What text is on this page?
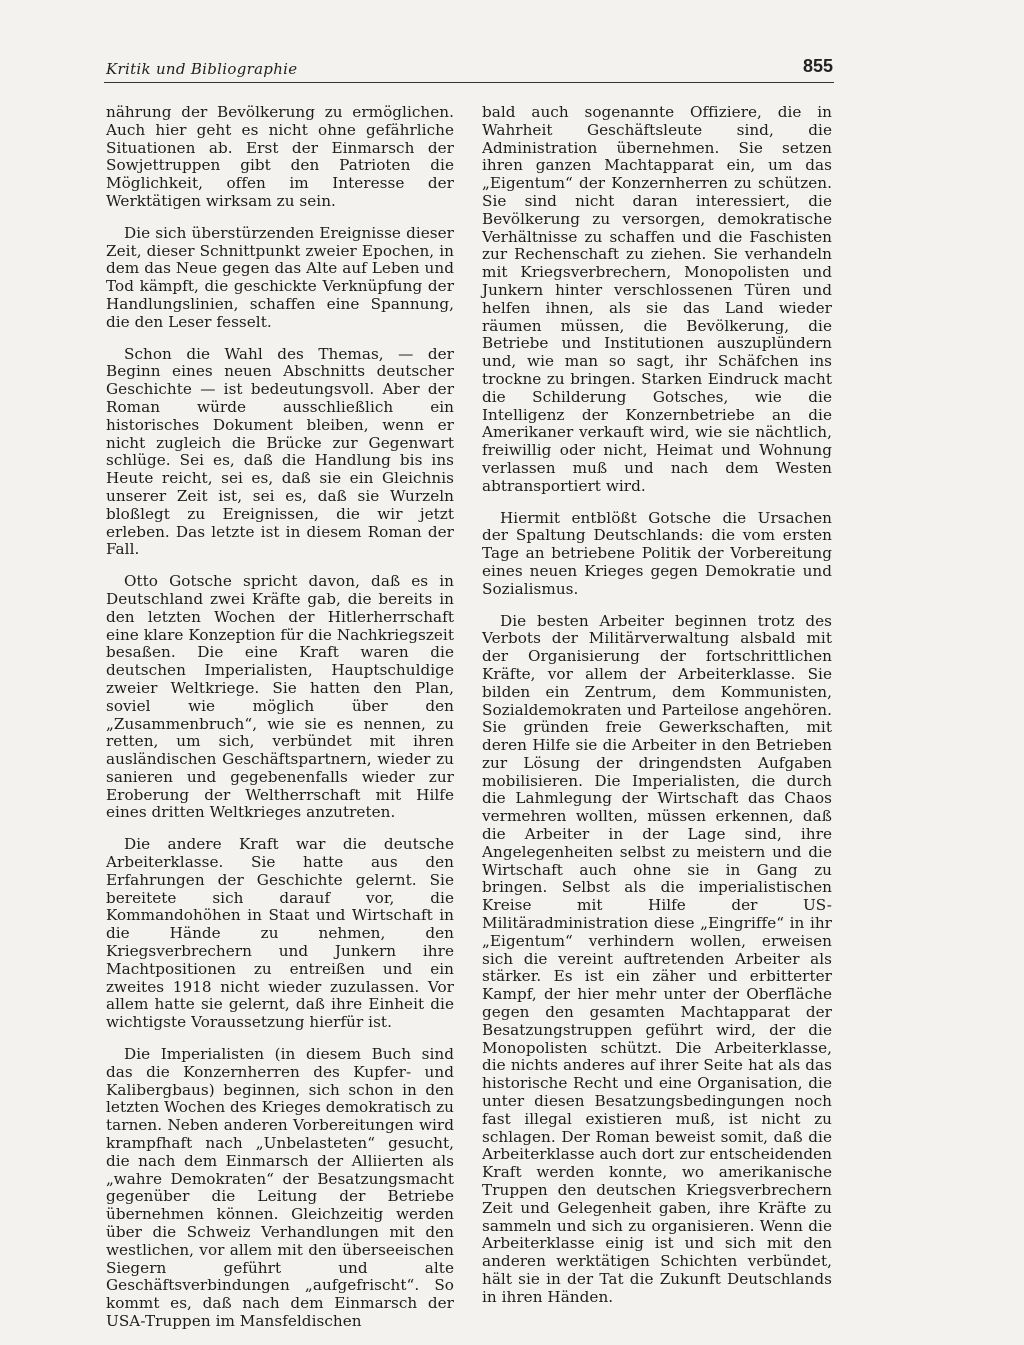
Kritik und Bibliographie	855

nährung der Bevölkerung zu ermöglichen. Auch hier geht es nicht ohne gefährliche Situationen ab. Erst der Einmarsch der Sowjettruppen gibt den Patrioten die Möglichkeit, offen im Interesse der Werktätigen wirksam zu sein.

Die sich überstürzenden Ereignisse dieser Zeit, dieser Schnittpunkt zweier Epochen, in dem das Neue gegen das Alte auf Leben und Tod kämpft, die geschickte Verknüpfung der Handlungslinien, schaffen eine Spannung, die den Leser fesselt.

Schon die Wahl des Themas, — der Beginn eines neuen Abschnitts deutscher Geschichte — ist bedeutungsvoll. Aber der Roman würde ausschließlich ein historisches Dokument bleiben, wenn er nicht zugleich die Brücke zur Gegenwart schlüge. Sei es, daß die Handlung bis ins Heute reicht, sei es, daß sie ein Gleichnis unserer Zeit ist, sei es, daß sie Wurzeln bloßlegt zu Ereignissen, die wir jetzt erleben. Das letzte ist in diesem Roman der Fall.

Otto Gotsche spricht davon, daß es in Deutschland zwei Kräfte gab, die bereits in den letzten Wochen der Hitlerherrschaft eine klare Konzeption für die Nachkriegszeit besaßen. Die eine Kraft waren die deutschen Imperialisten, Hauptschuldige zweier Weltkriege. Sie hatten den Plan, soviel wie möglich über den „Zusammenbruch“, wie sie es nennen, zu retten, um sich, verbündet mit ihren ausländischen Geschäftspartnern, wieder zu sanieren und gegebenenfalls wieder zur Eroberung der Weltherrschaft mit Hilfe eines dritten Weltkrieges anzutreten.

Die andere Kraft war die deutsche Arbeiterklasse. Sie hatte aus den Erfahrungen der Geschichte gelernt. Sie bereitete sich darauf vor, die Kommandohöhen in Staat und Wirtschaft in die Hände zu nehmen, den Kriegsverbrechern und Junkern ihre Machtpositionen zu entreißen und ein zweites 1918 nicht wieder zuzulassen. Vor allem hatte sie gelernt, daß ihre Einheit die wichtigste Voraussetzung hierfür ist.

Die Imperialisten (in diesem Buch sind das die Konzernherren des Kupfer- und Kalibergbaus) beginnen, sich schon in den letzten Wochen des Krieges demokratisch zu tarnen. Neben anderen Vorbereitungen wird krampfhaft nach „Unbelasteten“ gesucht, die nach dem Einmarsch der Alliierten als „wahre Demokraten“ der Besatzungsmacht gegenüber die Leitung der Betriebe übernehmen können. Gleichzeitig werden über die Schweiz Verhandlungen mit den westlichen, vor allem mit den überseeischen Siegern geführt und alte Geschäftsverbindungen „aufgefrischt“. So kommt es, daß nach dem Einmarsch der USA-Truppen im Mansfeldischen

bald auch sogenannte Offiziere, die in Wahrheit Geschäftsleute sind, die Administration übernehmen. Sie setzen ihren ganzen Machtapparat ein, um das „Eigentum“ der Konzernherren zu schützen. Sie sind nicht daran interessiert, die Bevölkerung zu versorgen, demokratische Verhältnisse zu schaffen und die Faschisten zur Rechenschaft zu ziehen. Sie verhandeln mit Kriegsverbrechern, Monopolisten und Junkern hinter verschlossenen Türen und helfen ihnen, als sie das Land wieder räumen müssen, die Bevölkerung, die Betriebe und Institutionen auszuplündern und, wie man so sagt, ihr Schäfchen ins trockne zu bringen. Starken Eindruck macht die Schilderung Gotsches, wie die Intelligenz der Konzernbetriebe an die Amerikaner verkauft wird, wie sie nächtlich, freiwillig oder nicht, Heimat und Wohnung verlassen muß und nach dem Westen abtransportiert wird.

Hiermit entblößt Gotsche die Ursachen der Spaltung Deutschlands: die vom ersten Tage an betriebene Politik der Vorbereitung eines neuen Krieges gegen Demokratie und Sozialismus.

Die besten Arbeiter beginnen trotz des Verbots der Militärverwaltung alsbald mit der Organisierung der fortschrittlichen Kräfte, vor allem der Arbeiterklasse. Sie bilden ein Zentrum, dem Kommunisten, Sozialdemokraten und Parteilose angehören. Sie gründen freie Gewerkschaften, mit deren Hilfe sie die Arbeiter in den Betrieben zur Lösung der dringendsten Aufgaben mobilisieren. Die Imperialisten, die durch die Lahmlegung der Wirtschaft das Chaos vermehren wollten, müssen erkennen, daß die Arbeiter in der Lage sind, ihre Angelegenheiten selbst zu meistern und die Wirtschaft auch ohne sie in Gang zu bringen. Selbst als die imperialistischen Kreise mit Hilfe der US-Militäradministration diese „Eingriffe“ in ihr „Eigentum“ verhindern wollen, erweisen sich die vereint auftretenden Arbeiter als stärker. Es ist ein zäher und erbitterter Kampf, der hier mehr unter der Oberfläche gegen den gesamten Machtapparat der Besatzungstruppen geführt wird, der die Monopolisten schützt. Die Arbeiterklasse, die nichts anderes auf ihrer Seite hat als das historische Recht und eine Organisation, die unter diesen Besatzungsbedingungen noch fast illegal existieren muß, ist nicht zu schlagen. Der Roman beweist somit, daß die Arbeiterklasse auch dort zur entscheidenden Kraft werden konnte, wo amerikanische Truppen den deutschen Kriegsverbrechern Zeit und Gelegenheit gaben, ihre Kräfte zu sammeln und sich zu organisieren. Wenn die Arbeiterklasse einig ist und sich mit den anderen werktätigen Schichten verbündet, hält sie in der Tat die Zukunft Deutschlands in ihren Händen.
